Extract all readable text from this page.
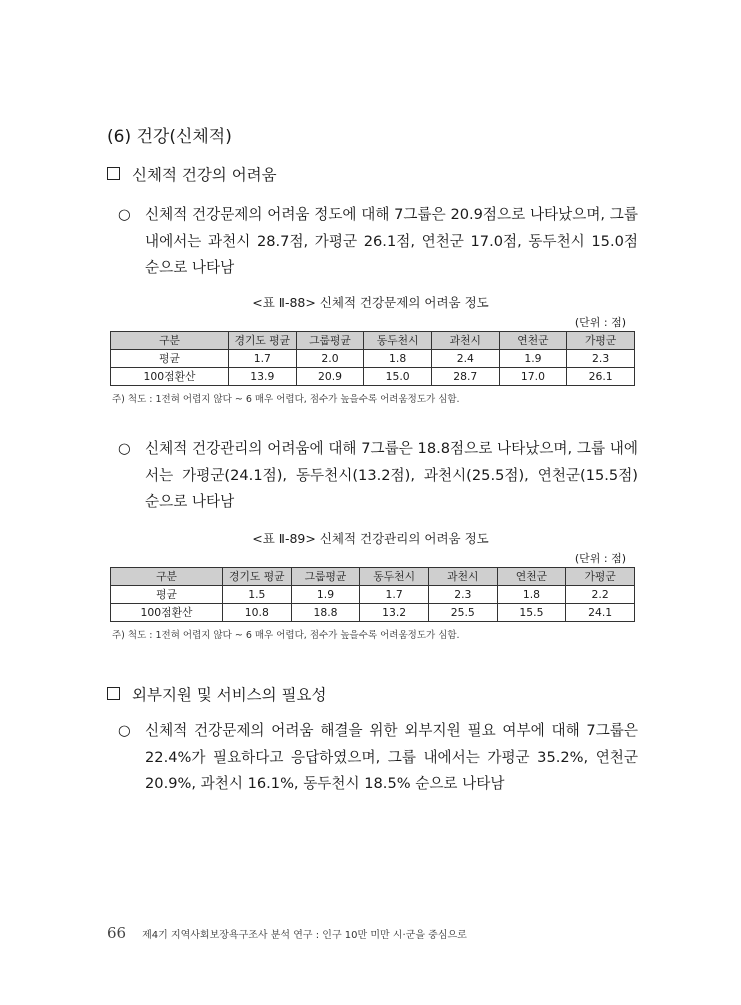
(6) 건강(신체적)
신체적 건강의 어려움
○ 신체적 건강문제의 어려움 정도에 대해 7그룹은 20.9점으로 나타났으며, 그룹 내에서는 과천시 28.7점, 가평군 26.1점, 연천군 17.0점, 동두천시 15.0점 순으로 나타남
<표 Ⅱ-88> 신체적 건강문제의 어려움 정도
(단위 : 점)
구분	경기도 평균	그룹평균	동두천시	과천시	연천군	가평군
평균	1.7	2.0	1.8	2.4	1.9	2.3
100점환산	13.9	20.9	15.0	28.7	17.0	26.1
주) 척도 : 1전혀 어렵지 않다 ~ 6 매우 어렵다, 점수가 높을수록 어려움정도가 심함.
○ 신체적 건강관리의 어려움에 대해 7그룹은 18.8점으로 나타났으며, 그룹 내에서는 가평군(24.1점), 동두천시(13.2점), 과천시(25.5점), 연천군(15.5점) 순으로 나타남
<표 Ⅱ-89> 신체적 건강관리의 어려움 정도
(단위 : 점)
구분	경기도 평균	그룹평균	동두천시	과천시	연천군	가평군
평균	1.5	1.9	1.7	2.3	1.8	2.2
100점환산	10.8	18.8	13.2	25.5	15.5	24.1
주) 척도 : 1전혀 어렵지 않다 ~ 6 매우 어렵다, 점수가 높을수록 어려움정도가 심함.
외부지원 및 서비스의 필요성
○ 신체적 건강문제의 어려움 해결을 위한 외부지원 필요 여부에 대해 7그룹은 22.4%가 필요하다고 응답하였으며, 그룹 내에서는 가평군 35.2%, 연천군 20.9%, 과천시 16.1%, 동두천시 18.5% 순으로 나타남
66 제4기 지역사회보장욕구조사 분석 연구 : 인구 10만 미만 시·군을 중심으로
